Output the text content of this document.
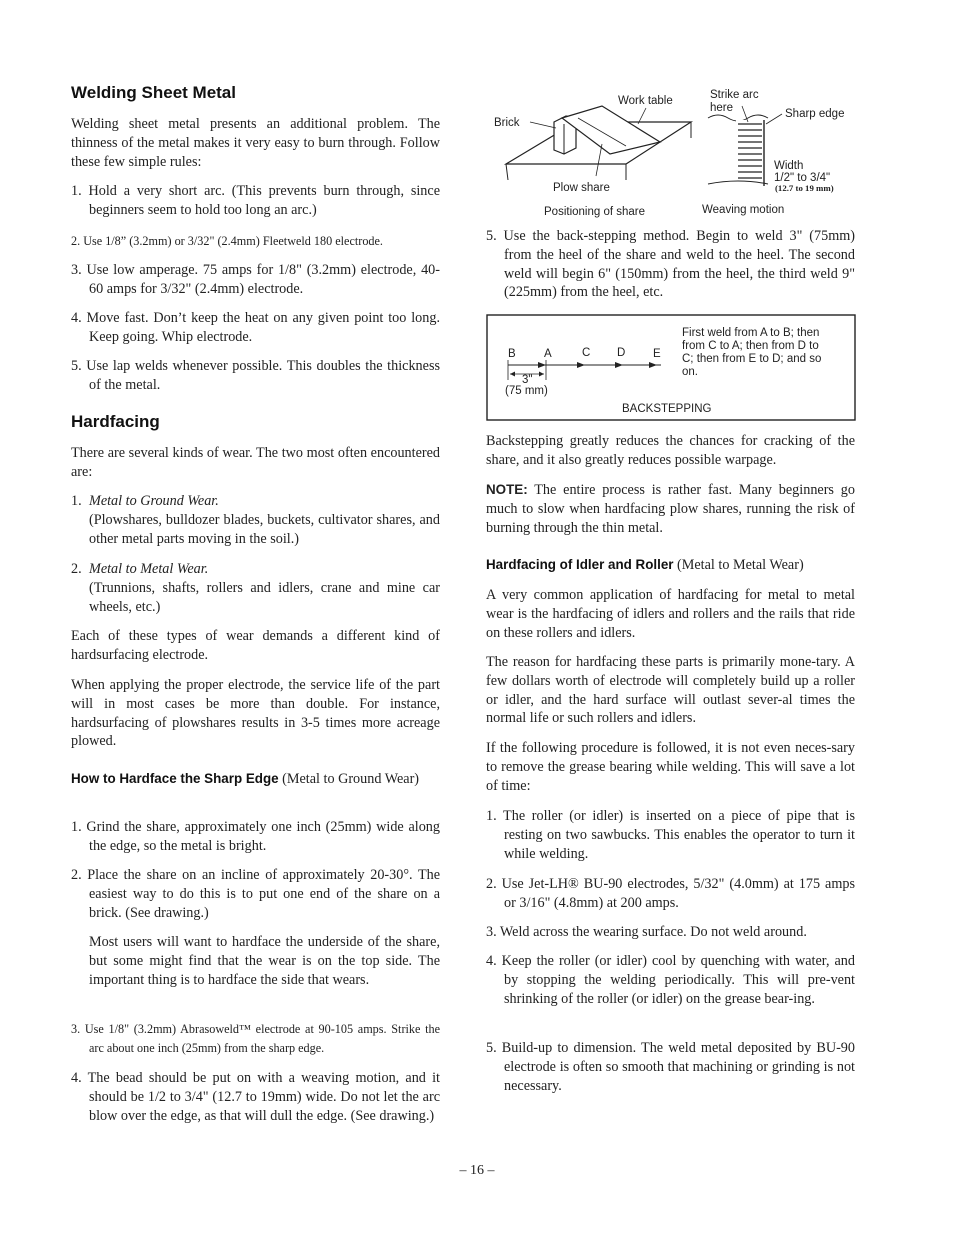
Welding Sheet Metal

Welding sheet metal presents an additional problem. The thinness of the metal makes it very easy to burn through. Follow these few simple rules:

1. Hold a very short arc. (This prevents burn through, since beginners seem to hold too long an arc.)

2. Use 1/8” (3.2mm) or 3/32" (2.4mm) Fleetweld 180 electrode.

3. Use low amperage. 75 amps for 1/8" (3.2mm) electrode, 40-60 amps for 3/32" (2.4mm) electrode.

4. Move fast. Don’t keep the heat on any given point too long. Keep going. Whip electrode.

5. Use lap welds whenever possible. This doubles the thickness of the metal.

Hardfacing

There are several kinds of wear. The two most often encountered are:

1. Metal to Ground Wear.

(Plowshares, bulldozer blades, buckets, cultivator shares, and other metal parts moving in the soil.)

2. Metal to Metal Wear.

(Trunnions, shafts, rollers and idlers, crane and mine car wheels, etc.)

Each of these types of wear demands a different kind of hardsurfacing electrode.

When applying the proper electrode, the service life of the part will in most cases be more than double. For instance, hardsurfacing of plowshares results in 3-5 times more acreage plowed.

How to Hardface the Sharp Edge (Metal to Ground Wear)

1. Grind the share, approximately one inch (25mm) wide along the edge, so the metal is bright.

2. Place the share on an incline of approximately 20-30°. The easiest way to do this is to put one end of the share on a brick. (See drawing.)

Most users will want to hardface the underside of the share, but some might find that the wear is on the top side. The important thing is to hardface the side that wears.

3. Use 1/8" (3.2mm) Abrasoweld™ electrode at 90-105 amps. Strike the arc about one inch (25mm) from the sharp edge.

4. The bead should be put on with a weaving motion, and it should be 1/2 to 3/4" (12.7 to 19mm) wide. Do not let the arc blow over the edge, as that will dull the edge. (See drawing.)

Brick
Work table
Plow share
Positioning of share
Strike arc
here	Sharp edge
Width
1/2" to 3/4"
(12.7 to 19 mm)
Weaving motion

5. Use the back-stepping method. Begin to weld 3" (75mm) from the heel of the share and weld to the heel. The second weld will begin 6" (150mm) from the heel, the third weld 9" (225mm) from the heel, etc.

B A	C D E
3"
(75 mm)
First weld from A to B; then
from C to A; then from D to
C; then from E to D; and so
on.
BACKSTEPPING

Backstepping greatly reduces the chances for cracking of the share, and it also greatly reduces possible warpage.

NOTE: The entire process is rather fast. Many beginners go much to slow when hardfacing plow shares, running the risk of burning through the thin metal.

Hardfacing of Idler and Roller (Metal to Metal Wear)

A very common application of hardfacing for metal to metal wear is the hardfacing of idlers and rollers and the rails that ride on these rollers and idlers.

The reason for hardfacing these parts is primarily mone-tary. A few dollars worth of electrode will completely build up a roller or idler, and the hard surface will outlast sever-al times the normal life or such rollers and idlers.

If the following procedure is followed, it is not even neces-sary to remove the grease bearing while welding. This will save a lot of time:

1. The roller (or idler) is inserted on a piece of pipe that is resting on two sawbucks. This enables the operator to turn it while welding.

2. Use Jet-LH® BU-90 electrodes, 5/32" (4.0mm) at 175 amps or 3/16" (4.8mm) at 200 amps.

3. Weld across the wearing surface. Do not weld around.

4. Keep the roller (or idler) cool by quenching with water, and by stopping the welding periodically. This will pre-vent shrinking of the roller (or idler) on the grease bear-ing.

5. Build-up to dimension. The weld metal deposited by BU-90 electrode is often so smooth that machining or grinding is not necessary.

– 16 –
